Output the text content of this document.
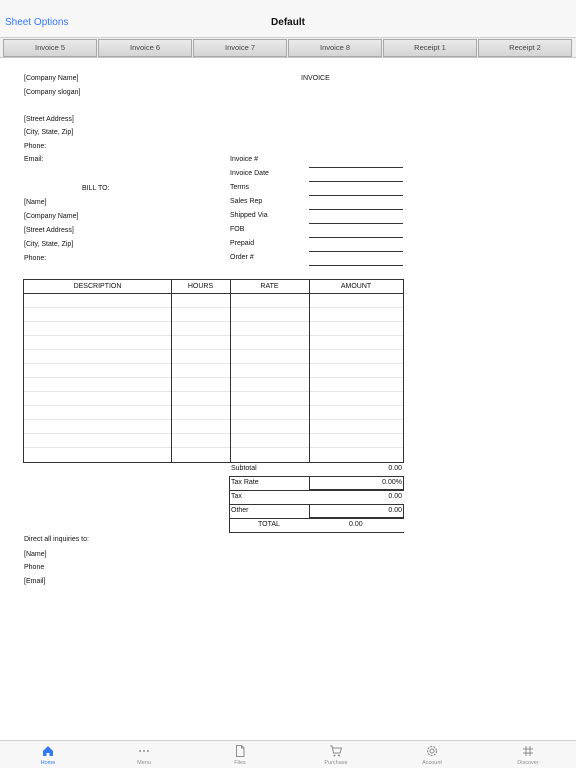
Sheet Options	Default
Invoice 5	Invoice 6	Invoice 7	Invoice 8	Receipt 1	Receipt 2
[Company Name]
[Company slogan]
[Street Address]
[City, State, Zip]
Phone:
Email:
INVOICE
BILL TO:
[Name]
[Company Name]
[Street Address]
[City, State, Zip]
Phone:
Invoice #
Invoice Date
Terms
Sales Rep
Shipped Via
FOB
Prepaid
Order #
DESCRIPTION	HOURS	RATE	AMOUNT
Subtotal	0.00
Tax Rate	0.00%
Tax	0.00
Other	0.00
TOTAL	0.00
Direct all inquiries to:
[Name]
Phone
[Email]
Home	Menu	Files	Purchase	Account	Discover
